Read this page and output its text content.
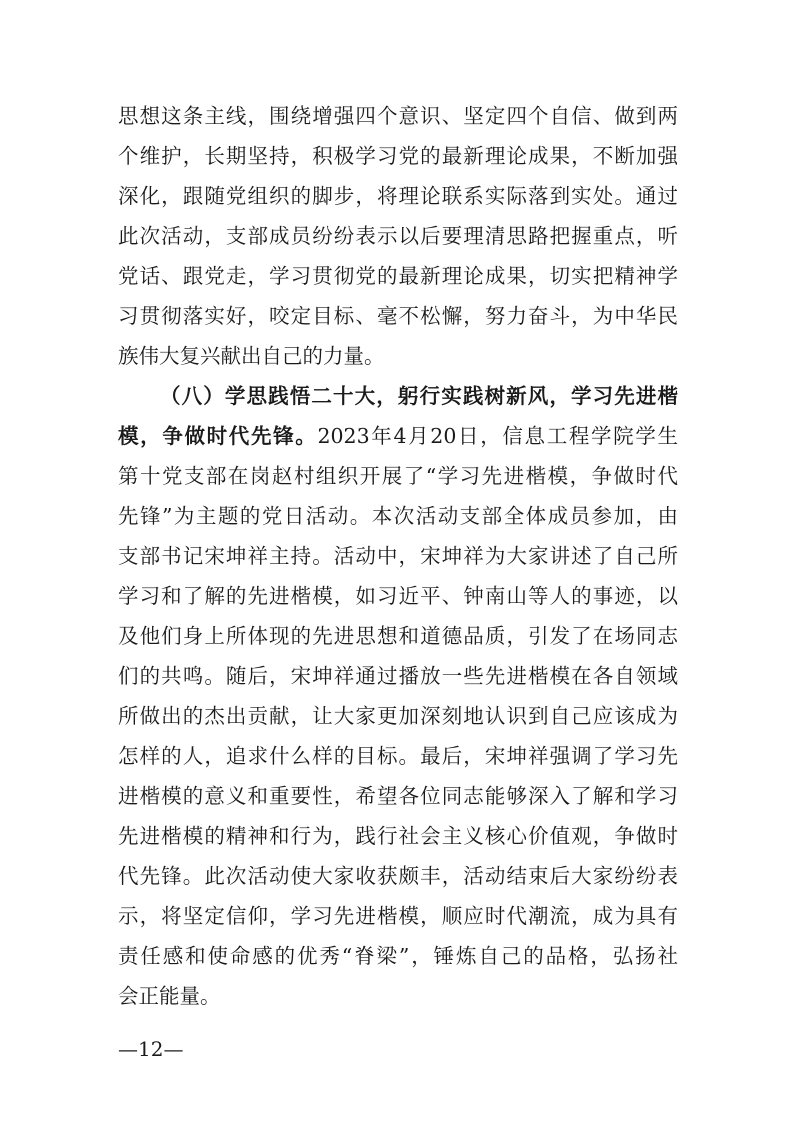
思想这条主线，围绕增强四个意识、坚定四个自信、做到两
个维护，长期坚持，积极学习党的最新理论成果，不断加强
深化，跟随党组织的脚步，将理论联系实际落到实处。通过
此次活动，支部成员纷纷表示以后要理清思路把握重点，听
党话、跟党走，学习贯彻党的最新理论成果，切实把精神学
习贯彻落实好，咬定目标、毫不松懈，努力奋斗，为中华民
族伟大复兴献出自己的力量。
（八）学思践悟二十大，躬行实践树新风，学习先进楷
模，争做时代先锋。2023年4月20日，信息工程学院学生
第十党支部在岗赵村组织开展了“学习先进楷模，争做时代
先锋”为主题的党日活动。本次活动支部全体成员参加，由
支部书记宋坤祥主持。活动中，宋坤祥为大家讲述了自己所
学习和了解的先进楷模，如习近平、钟南山等人的事迹，以
及他们身上所体现的先进思想和道德品质，引发了在场同志
们的共鸣。随后，宋坤祥通过播放一些先进楷模在各自领域
所做出的杰出贡献，让大家更加深刻地认识到自己应该成为
怎样的人，追求什么样的目标。最后，宋坤祥强调了学习先
进楷模的意义和重要性，希望各位同志能够深入了解和学习
先进楷模的精神和行为，践行社会主义核心价值观，争做时
代先锋。此次活动使大家收获颇丰，活动结束后大家纷纷表
示，将坚定信仰，学习先进楷模，顺应时代潮流，成为具有
责任感和使命感的优秀“脊梁”，锤炼自己的品格，弘扬社
会正能量。
—12—
